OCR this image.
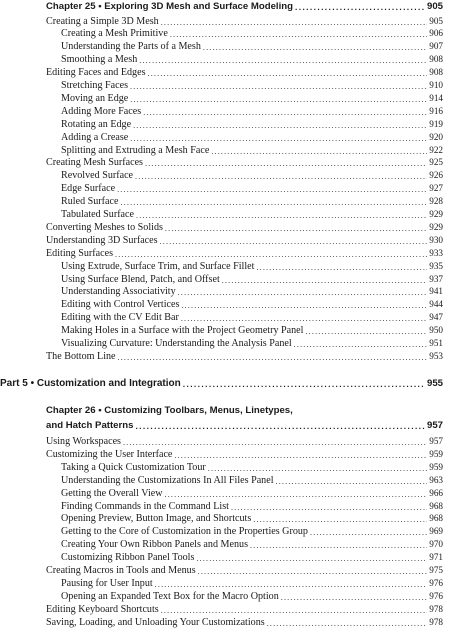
Chapter 25 • Exploring 3D Mesh and Surface Modeling .....	905
Creating a Simple 3D Mesh .....	905
Creating a Mesh Primitive .....	906
Understanding the Parts of a Mesh .....	907
Smoothing a Mesh .....	908
Editing Faces and Edges .....	908
Stretching Faces .....	910
Moving an Edge .....	914
Adding More Faces .....	916
Rotating an Edge .....	919
Adding a Crease .....	920
Splitting and Extruding a Mesh Face .....	922
Creating Mesh Surfaces .....	925
Revolved Surface .....	926
Edge Surface .....	927
Ruled Surface .....	928
Tabulated Surface .....	929
Converting Meshes to Solids .....	929
Understanding 3D Surfaces .....	930
Editing Surfaces .....	933
Using Extrude, Surface Trim, and Surface Fillet .....	935
Using Surface Blend, Patch, and Offset .....	937
Understanding Associativity .....	941
Editing with Control Vertices .....	944
Editing with the CV Edit Bar .....	947
Making Holes in a Surface with the Project Geometry Panel .....	950
Visualizing Curvature: Understanding the Analysis Panel .....	951
The Bottom Line .....	953
Part 5 • Customization and Integration .....	955
Chapter 26 • Customizing Toolbars, Menus, Linetypes,
and Hatch Patterns .....	957
Using Workspaces .....	957
Customizing the User Interface .....	959
Taking a Quick Customization Tour .....	959
Understanding the Customizations In All Files Panel .....	963
Getting the Overall View .....	966
Finding Commands in the Command List .....	968
Opening Preview, Button Image, and Shortcuts .....	968
Getting to the Core of Customization in the Properties Group .....	969
Creating Your Own Ribbon Panels and Menus .....	970
Customizing Ribbon Panel Tools .....	971
Creating Macros in Tools and Menus .....	975
Pausing for User Input .....	976
Opening an Expanded Text Box for the Macro Option .....	976
Editing Keyboard Shortcuts .....	978
Saving, Loading, and Unloading Your Customizations .....	978
